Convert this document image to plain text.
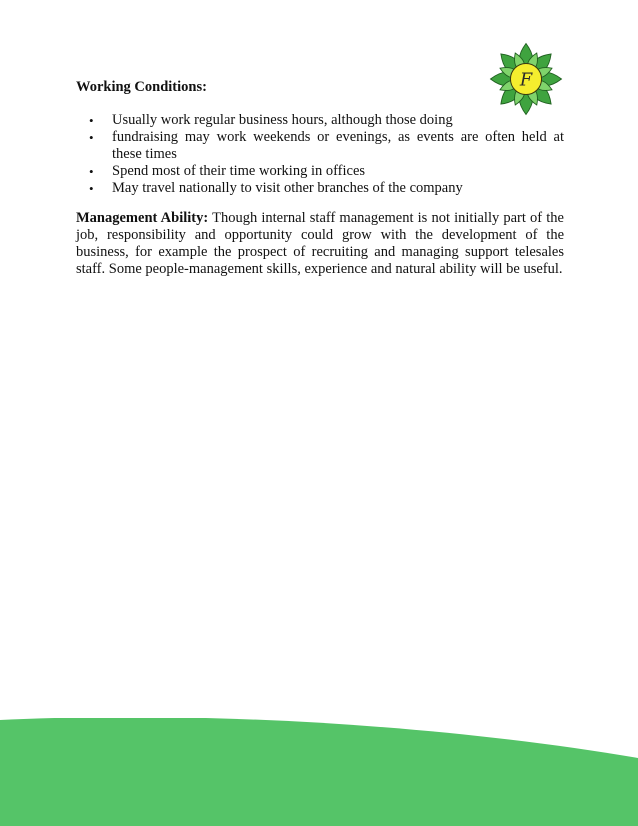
F

Working Conditions:

• Usually work regular business hours, although those doing
• fundraising may work weekends or evenings, as events are often held at
these times
• Spend most of their time working in offices
• May travel nationally to visit other branches of the company

Management Ability: Though internal staff management is not initially part of the job, responsibility and opportunity could grow with the development of the business, for example the prospect of recruiting and managing support telesales staff. Some people-management skills, experience and natural ability will be useful.
